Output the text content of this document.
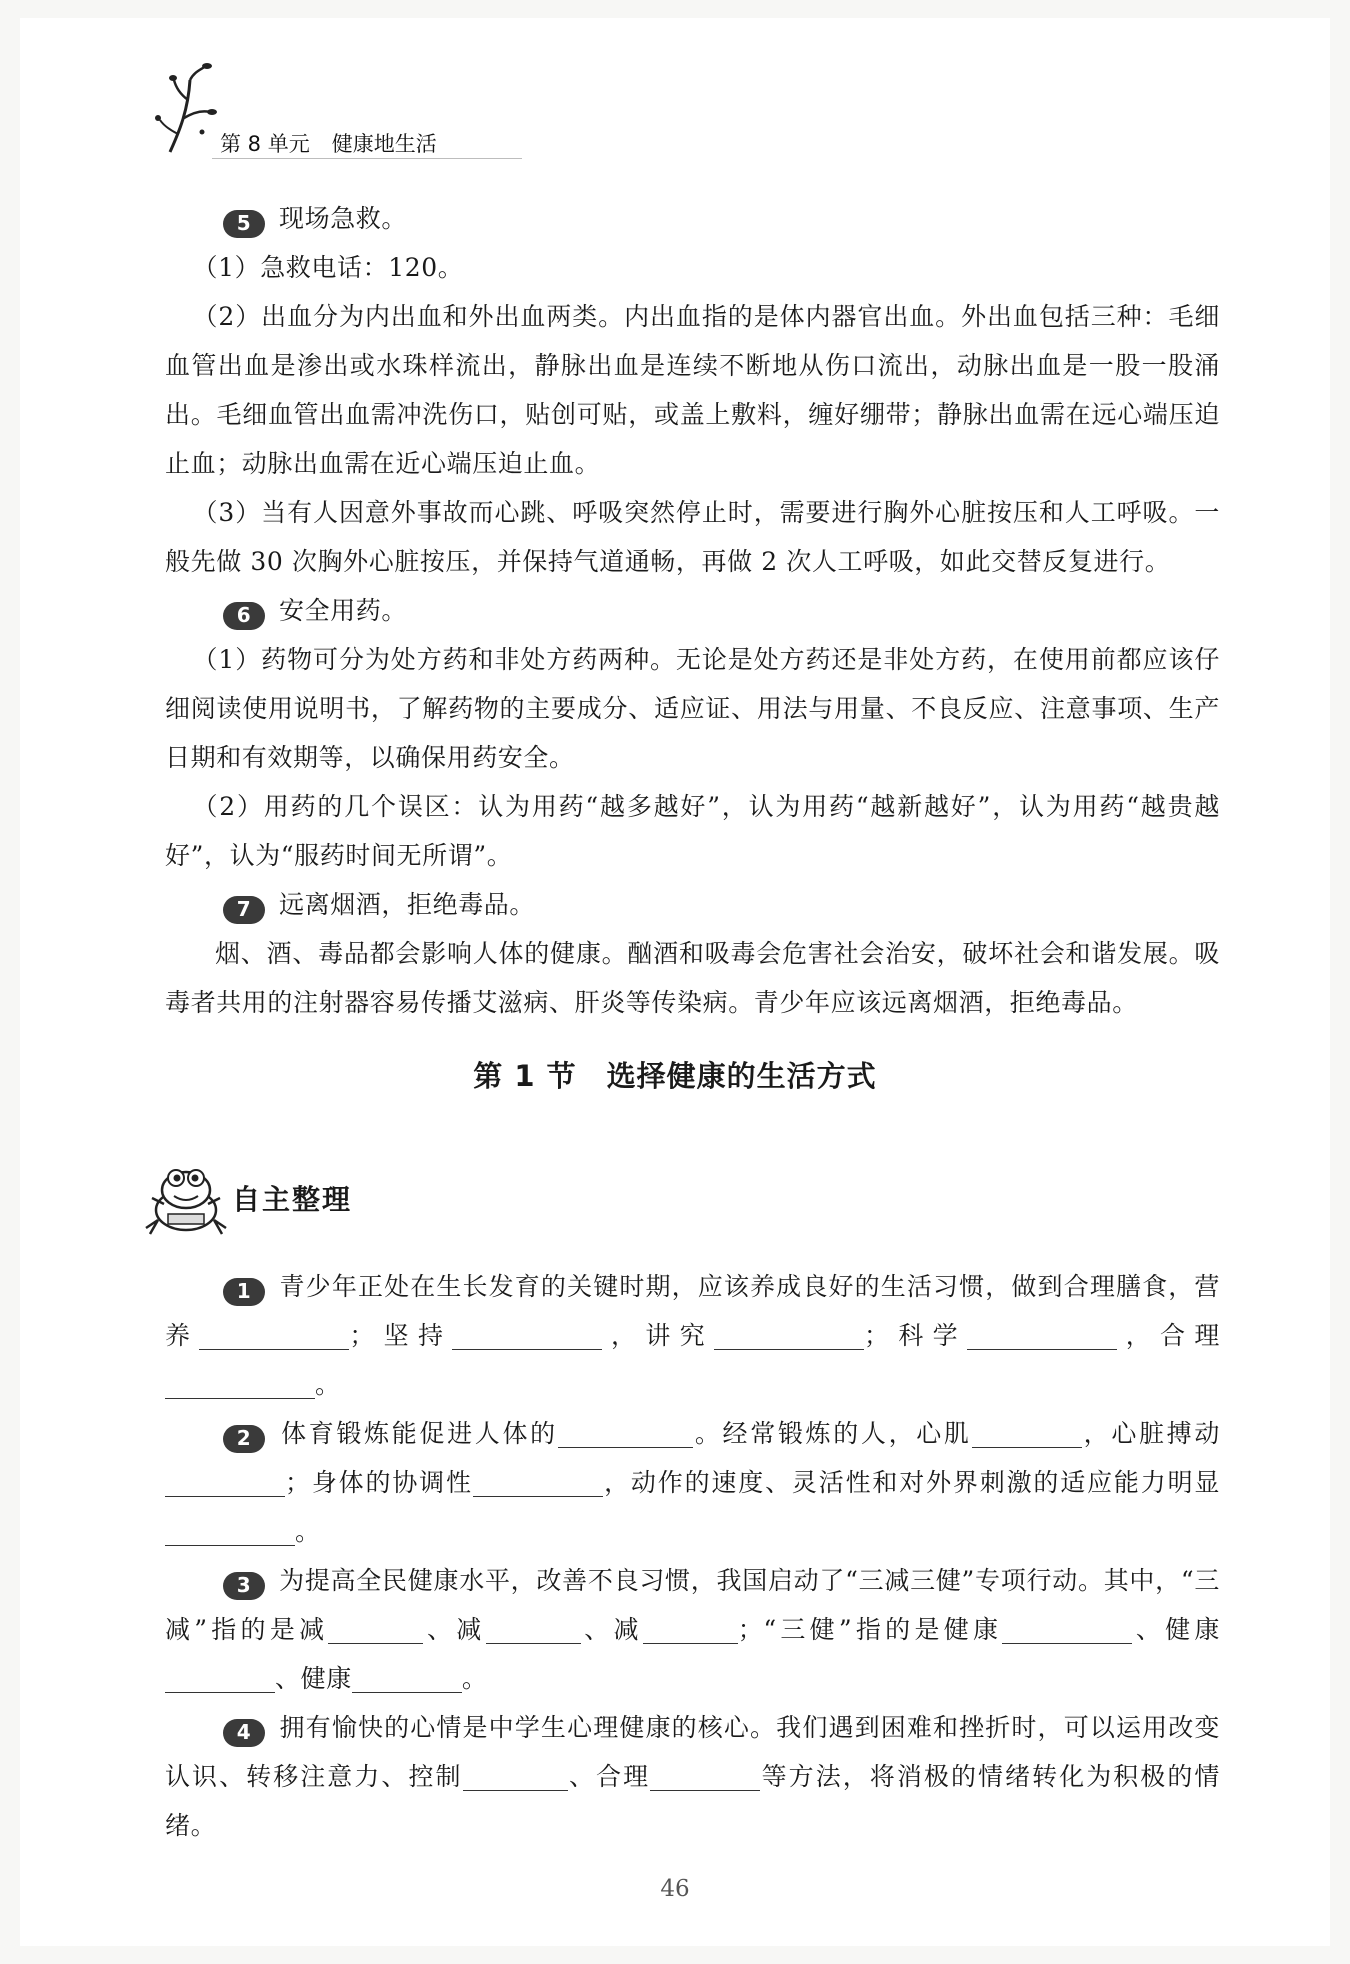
第 8 单元 健康地生活

5 现场急救。

（1）急救电话：120。

（2）出血分为内出血和外出血两类。内出血指的是体内器官出血。外出血包括三种：毛细血管出血是渗出或水珠样流出，静脉出血是连续不断地从伤口流出，动脉出血是一股一股涌出。毛细血管出血需冲洗伤口，贴创可贴，或盖上敷料，缠好绷带；静脉出血需在远心端压迫止血；动脉出血需在近心端压迫止血。

（3）当有人因意外事故而心跳、呼吸突然停止时，需要进行胸外心脏按压和人工呼吸。一般先做 30 次胸外心脏按压，并保持气道通畅，再做 2 次人工呼吸，如此交替反复进行。

6 安全用药。

（1）药物可分为处方药和非处方药两种。无论是处方药还是非处方药，在使用前都应该仔细阅读使用说明书，了解药物的主要成分、适应证、用法与用量、不良反应、注意事项、生产日期和有效期等，以确保用药安全。

（2）用药的几个误区：认为用药“越多越好”，认为用药“越新越好”，认为用药“越贵越好”，认为“服药时间无所谓”。

7 远离烟酒，拒绝毒品。

烟、酒、毒品都会影响人体的健康。酗酒和吸毒会危害社会治安，破坏社会和谐发展。吸毒者共用的注射器容易传播艾滋病、肝炎等传染病。青少年应该远离烟酒，拒绝毒品。

第 1 节 选择健康的生活方式
自主整理

1 青少年正处在生长发育的关键时期，应该养成良好的生活习惯，做到合理膳食，营养	；坚持	，讲究	；科学	，合理。

2 体育锻炼能促进人体的	。经常锻炼的人，心肌	，心脏搏动；身体的协调性	，动作的速度、灵活性和对外界刺激的适应能力明显。

3 为提高全民健康水平，改善不良习惯，我国启动了“三减三健”专项行动。其中，“三减”指的是减	、减	、减	；“三健”指的是健康	、健康、健康	。

4 拥有愉快的心情是中学生心理健康的核心。我们遇到困难和挫折时，可以运用改变认识、转移注意力、控制	、合理	等方法，将消极的情绪转化为积极的情绪。

46
